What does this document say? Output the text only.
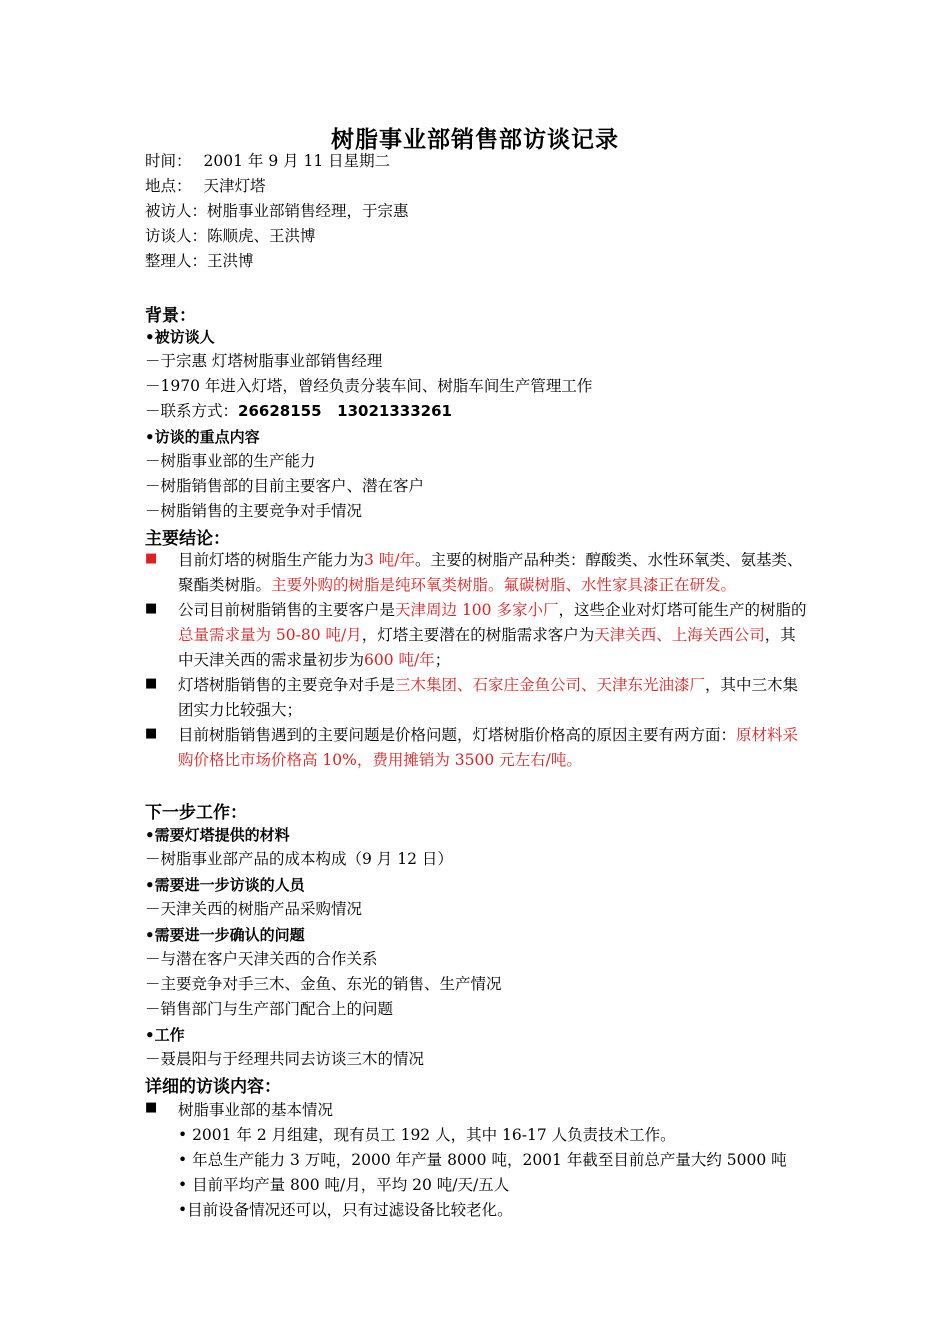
树脂事业部销售部访谈记录
时间： 2001 年 9 月 11 日星期二
地点： 天津灯塔
被访人：树脂事业部销售经理，于宗惠
访谈人：陈顺虎、王洪博
整理人：王洪博
背景：
•被访谈人
－于宗惠 灯塔树脂事业部销售经理
－1970 年进入灯塔，曾经负责分装车间、树脂车间生产管理工作
－联系方式：26628155   13021333261
•访谈的重点内容
－树脂事业部的生产能力
－树脂销售部的目前主要客户、潜在客户
－树脂销售的主要竞争对手情况
主要结论：
■ 目前灯塔的树脂生产能力为3 吨/年。主要的树脂产品种类：醇酸类、水性环氧类、氨基类、聚酯类树脂。主要外购的树脂是纯环氧类树脂。氟碳树脂、水性家具漆正在研发。
■ 公司目前树脂销售的主要客户是天津周边 100 多家小厂，这些企业对灯塔可能生产的树脂的总量需求量为 50-80 吨/月，灯塔主要潜在的树脂需求客户为天津关西、上海关西公司，其中天津关西的需求量初步为600 吨/年；
■ 灯塔树脂销售的主要竞争对手是三木集团、石家庄金鱼公司、天津东光油漆厂，其中三木集团实力比较强大；
■ 目前树脂销售遇到的主要问题是价格问题，灯塔树脂价格高的原因主要有两方面：原材料采购价格比市场价格高 10%，费用摊销为 3500 元左右/吨。
下一步工作：
•需要灯塔提供的材料
－树脂事业部产品的成本构成（9 月 12 日）
•需要进一步访谈的人员
－天津关西的树脂产品采购情况
•需要进一步确认的问题
－与潜在客户天津关西的合作关系
－主要竞争对手三木、金鱼、东光的销售、生产情况
－销售部门与生产部门配合上的问题
•工作
－聂晨阳与于经理共同去访谈三木的情况
详细的访谈内容：
■ 树脂事业部的基本情况
• 2001 年 2 月组建，现有员工 192 人，其中 16-17 人负责技术工作。
• 年总生产能力 3 万吨，2000 年产量 8000 吨，2001 年截至目前总产量大约 5000 吨
• 目前平均产量 800 吨/月，平均 20 吨/天/五人
•目前设备情况还可以，只有过滤设备比较老化。
